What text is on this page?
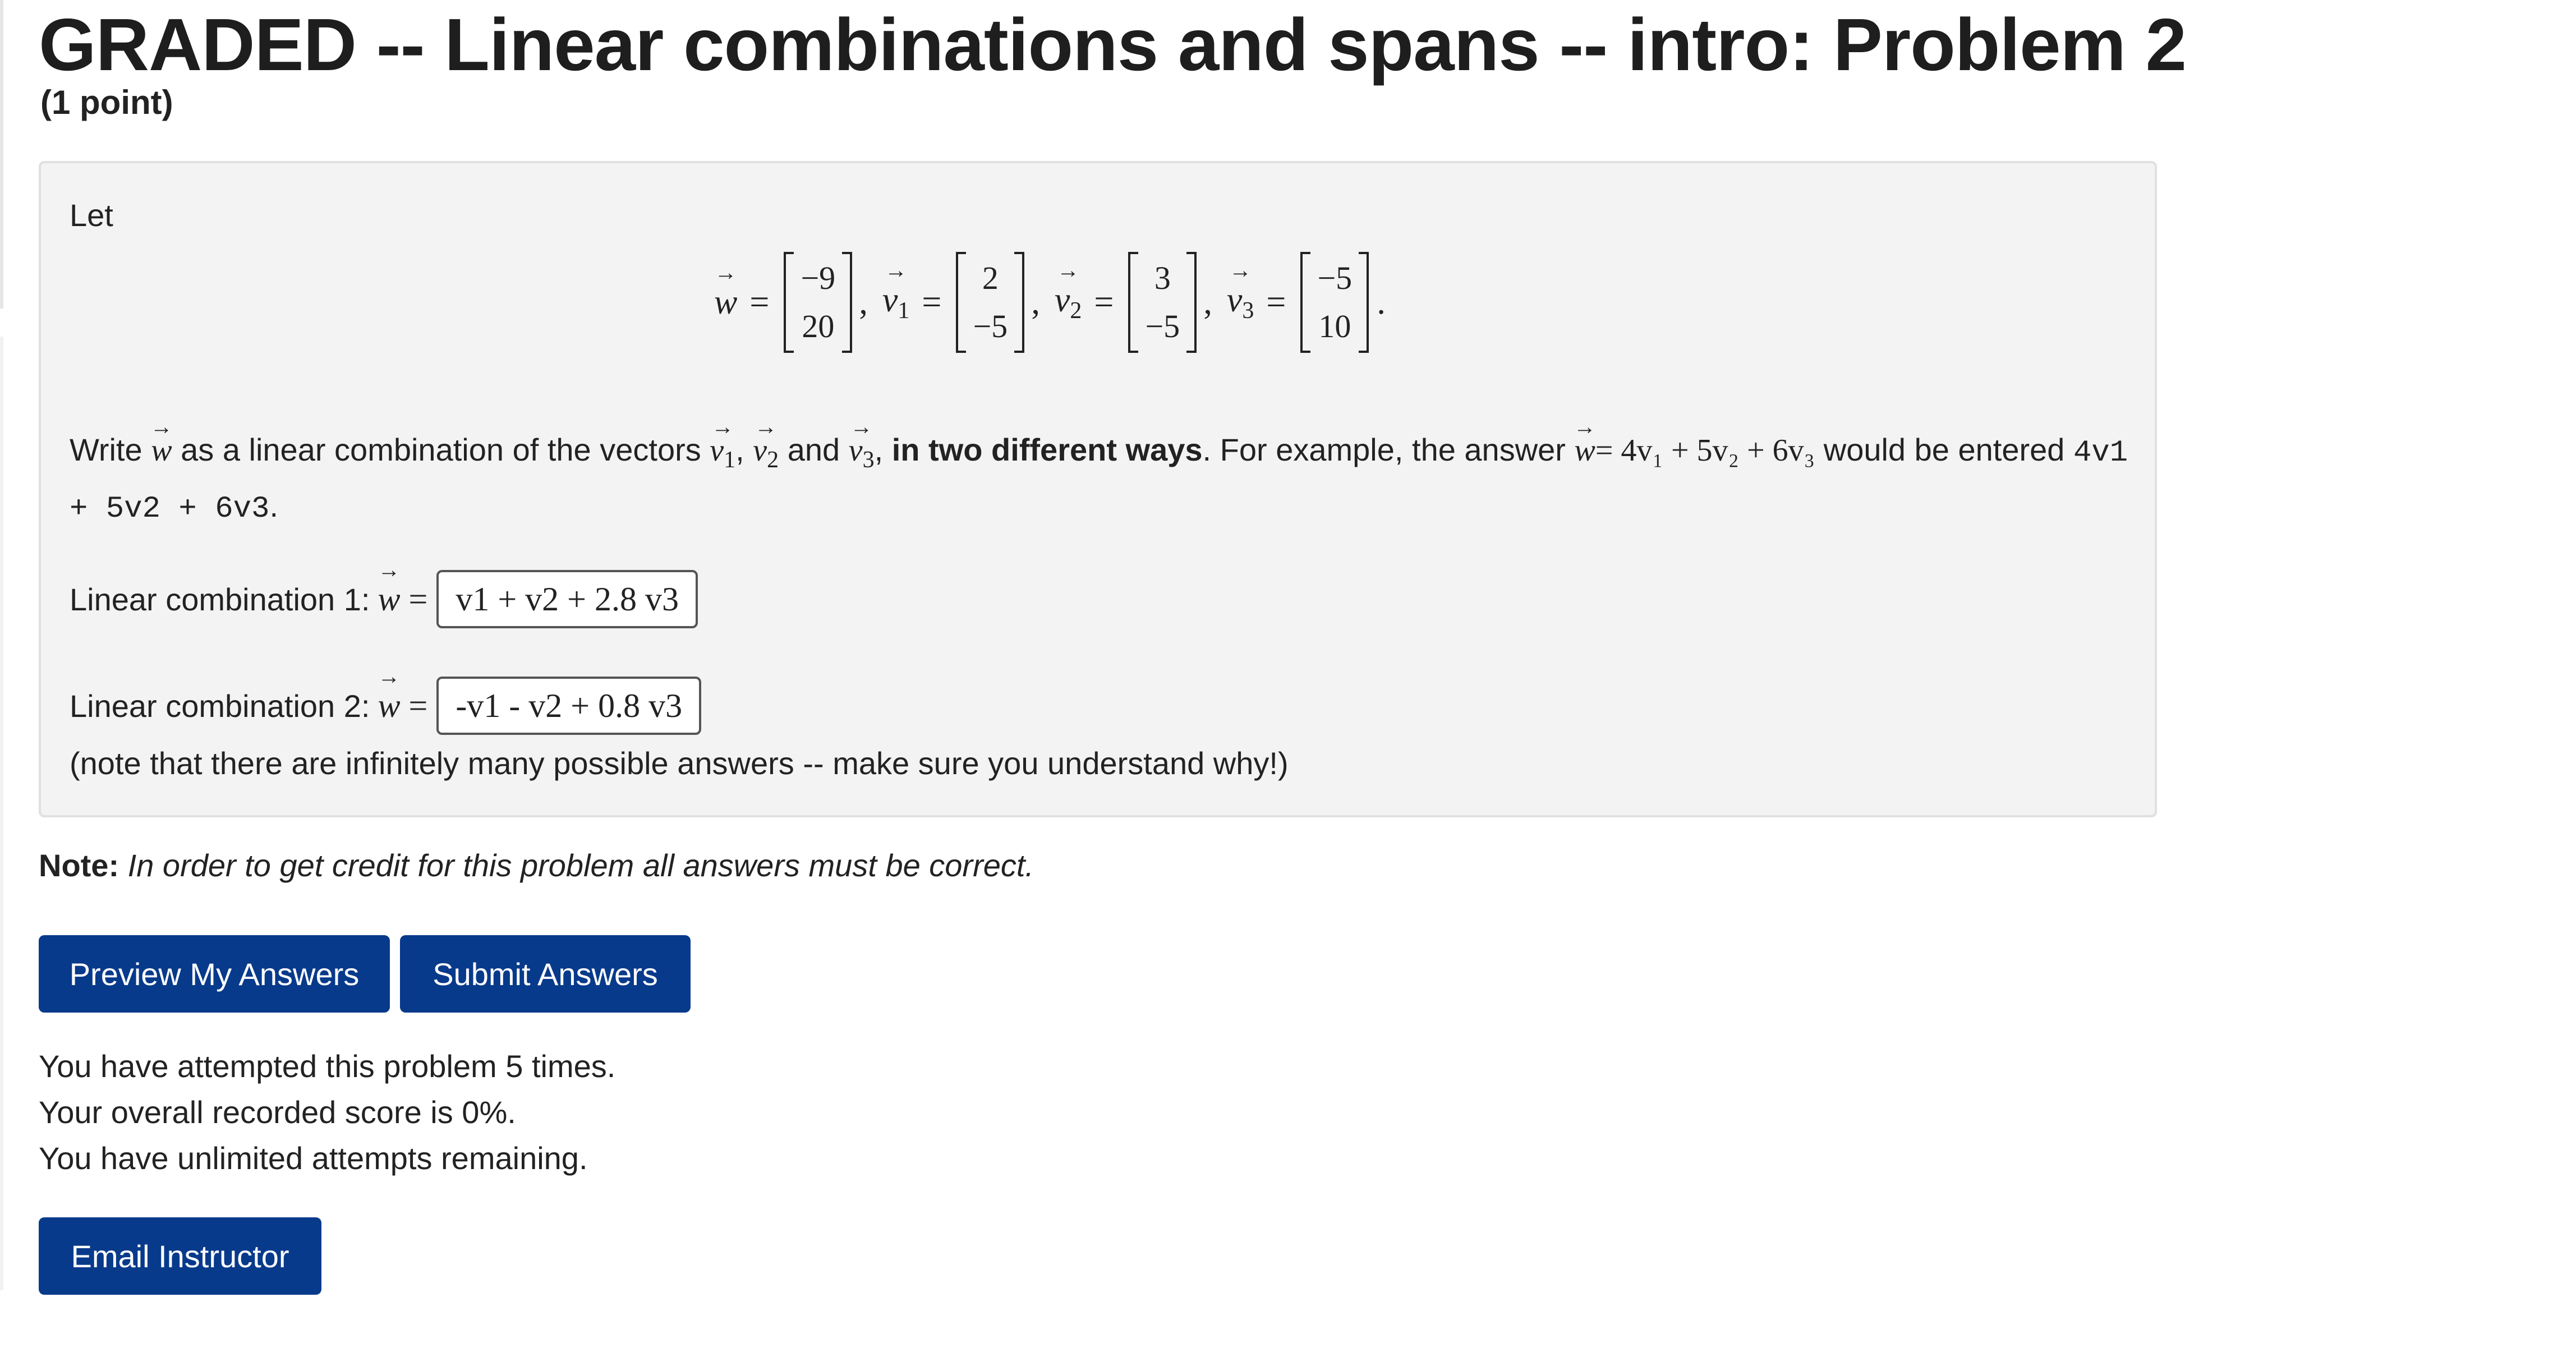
GRADED -- Linear combinations and spans -- intro: Problem 2
(1 point)
Let
→
w =
−9
20
,
→
$v_1$ =
2
−5
,
→
$v_2$ =
3
−5
,
→
$v_3$ =
−5
10
.
Write
→
w as a linear combination of the vectors
→
$v_1$,
→
$v_2$ and
→
$v_3$, in two different ways. For example, the answer
→
w= 4v₁ + 5v₂ + 6v₃ would be entered 4v1 + 5v2 + 6v3.
Linear combination 1:
→
w = v1 + v2 + 2.8 v3
Linear combination 2:
→
w = -v1 - v2 + 0.8 v3
(note that there are infinitely many possible answers -- make sure you understand why!)
Note: In order to get credit for this problem all answers must be correct.
Preview My Answers	Submit Answers
You have attempted this problem 5 times.
Your overall recorded score is 0%.
You have unlimited attempts remaining.
Email Instructor
